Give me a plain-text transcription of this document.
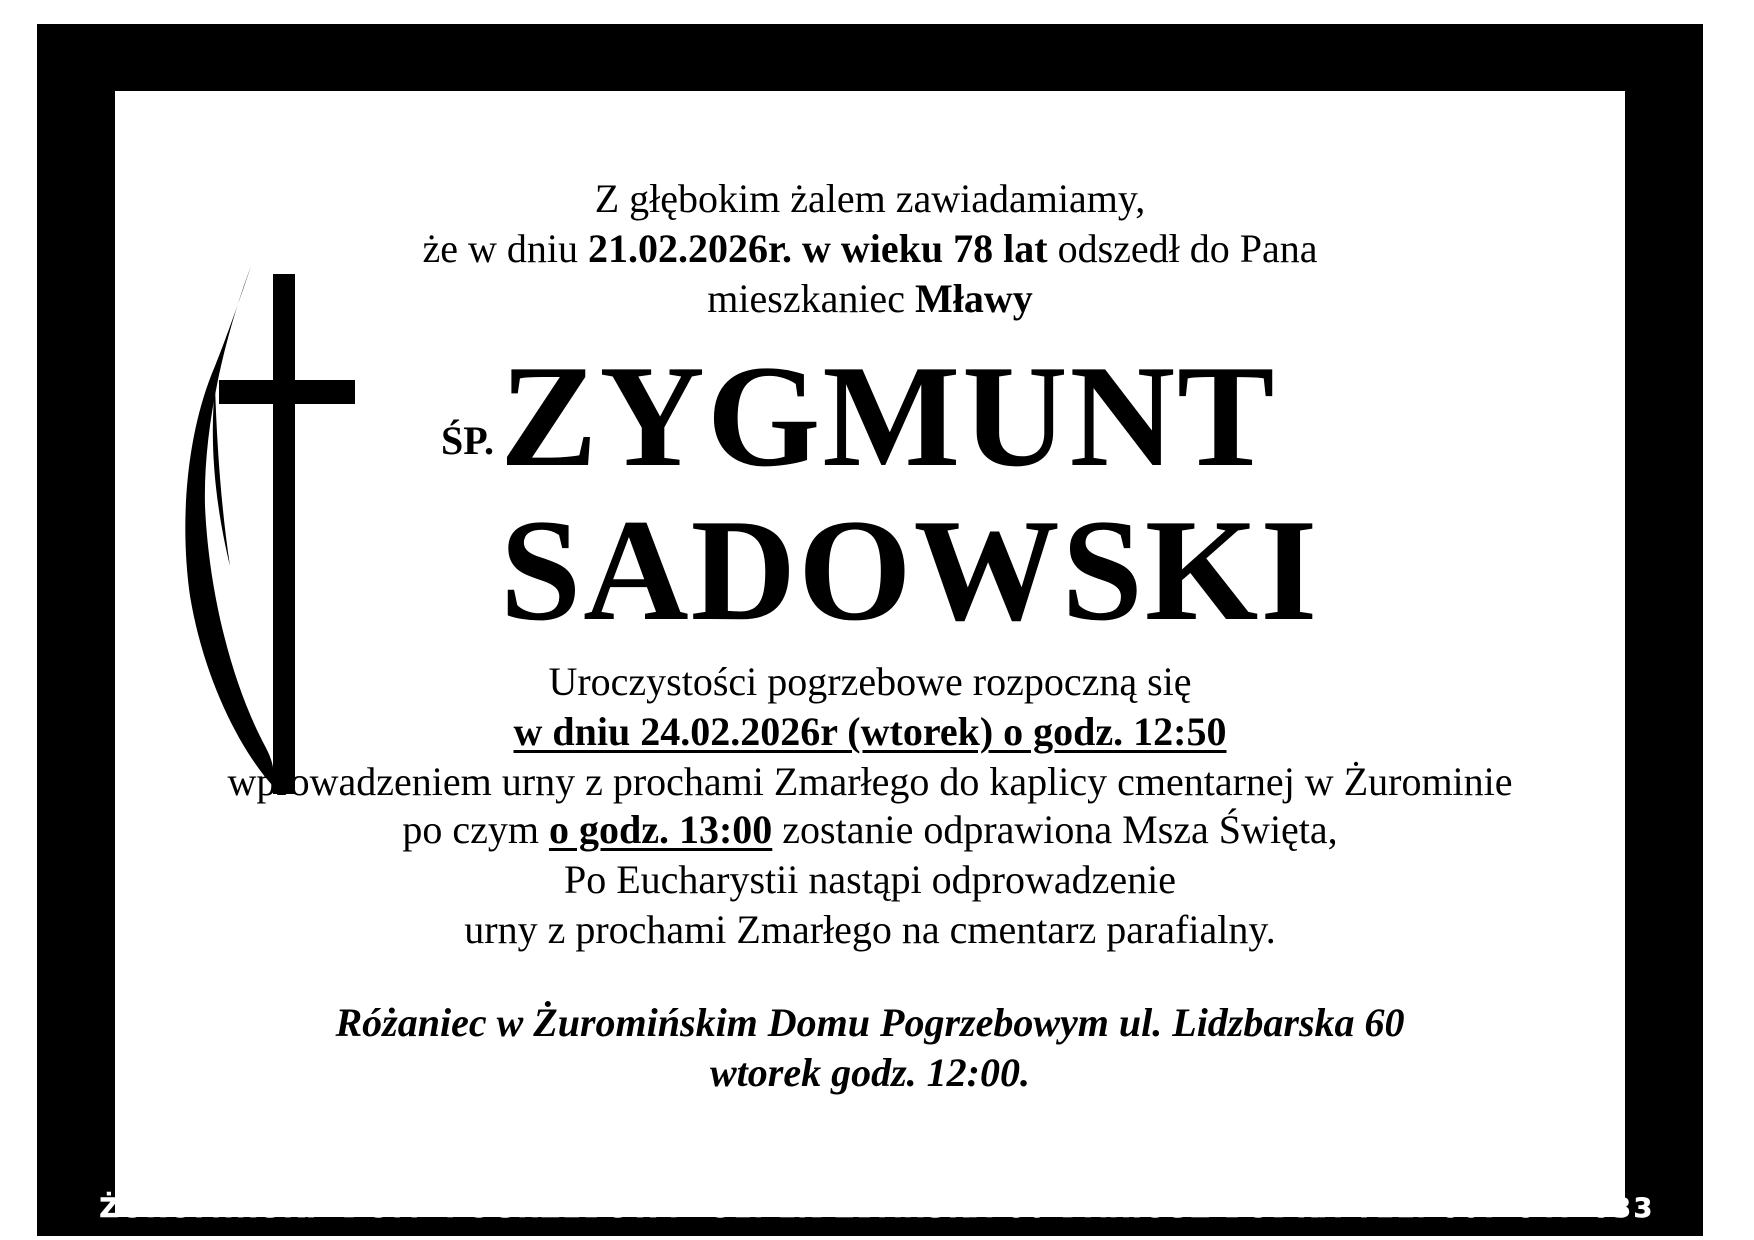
Z głębokim żalem zawiadamiamy,
że w dniu 21.02.2026r. w wieku 78 lat odszedł do Pana
mieszkaniec Mławy
ŚP. ZYGMUNT
SADOWSKI
Uroczystości pogrzebowe rozpoczną się
w dniu 24.02.2026r (wtorek) o godz. 12:50
wprowadzeniem urny z prochami Zmarłego do kaplicy cmentarnej w Żurominie
po czym o godz. 13:00 zostanie odprawiona Msza Święta,
Po Eucharystii nastąpi odprowadzenie
urny z prochami Zmarłego na cmentarz parafialny.
Różaniec w Żuromińskim Domu Pogrzebowym ul. Lidzbarska 60
wtorek godz. 12:00.
ŻUROMIŃSKI  DOM  POGRZEBOWY  UL. LIDZBARSKA 60 DARIUSZ BUDKA TEL. 607 647 633
